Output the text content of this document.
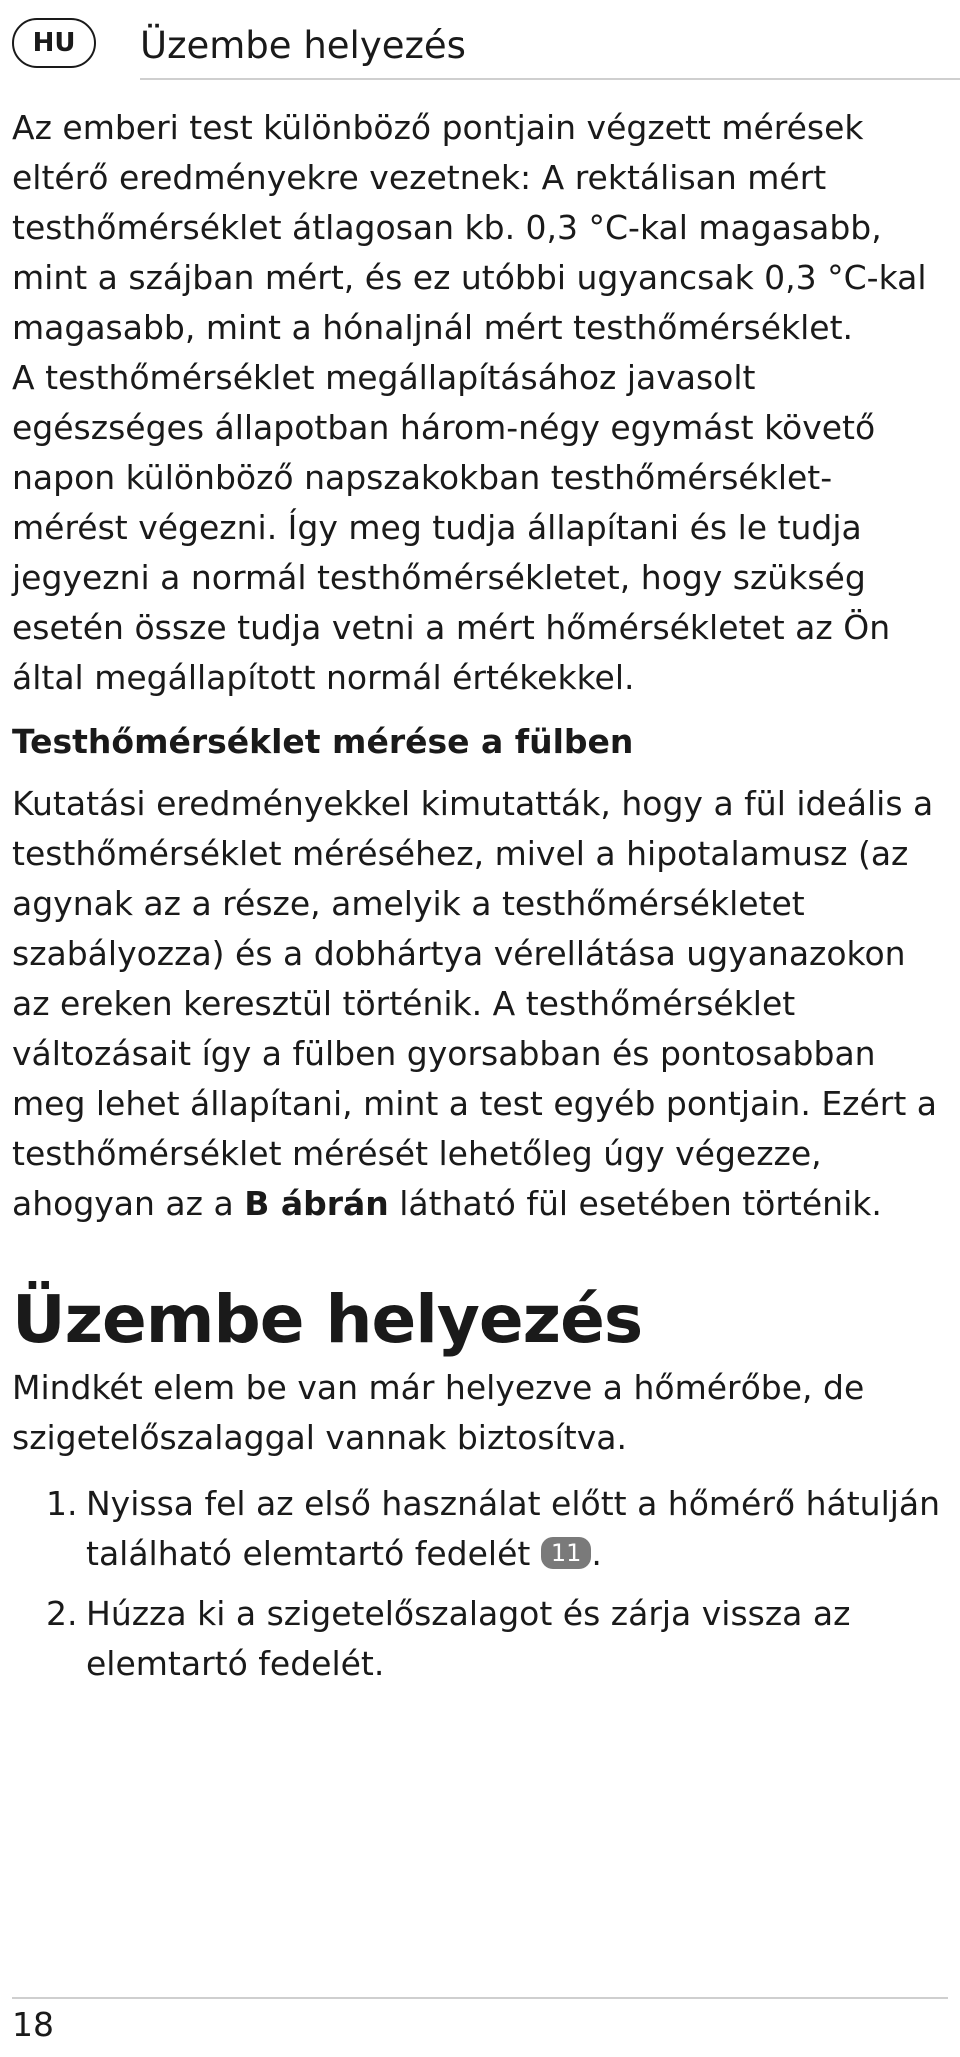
HU	Üzembe helyezés

Az emberi test különböző pontjain végzett mérések eltérő eredményekre vezetnek: A rektálisan mért testhőmérséklet átlagosan kb. 0,3 °C-kal magasabb, mint a szájban mért, és ez utóbbi ugyancsak 0,3 °C-kal magasabb, mint a hónaljnál mért testhőmérséklet.

A testhőmérséklet megállapításához javasolt egészséges állapotban három-négy egymást követő napon különböző napszakokban testhőmérséklet-mérést végezni. Így meg tudja állapítani és le tudja jegyezni a normál testhőmérsékletet, hogy szükség esetén össze tudja vetni a mért hőmérsékletet az Ön által megállapított normál értékekkel.

Testhőmérséklet mérése a fülben

Kutatási eredményekkel kimutatták, hogy a fül ideális a testhőmérséklet méréséhez, mivel a hipotalamusz (az agynak az a része, amelyik a testhőmérsékletet szabályozza) és a dobhártya vérellátása ugyanazokon az ereken keresztül történik. A testhőmérséklet változásait így a fülben gyorsabban és pontosabban meg lehet állapítani, mint a test egyéb pontjain. Ezért a testhőmérséklet mérését lehetőleg úgy végezze, ahogyan az a B ábrán látható fül esetében történik.

Üzembe helyezés

Mindkét elem be van már helyezve a hőmérőbe, de szigetelőszalaggal vannak biztosítva.

1. Nyissa fel az első használat előtt a hőmérő hátulján található elemtartó fedelét 11 .
2. Húzza ki a szigetelőszalagot és zárja vissza az elemtartó fedelét.
18
